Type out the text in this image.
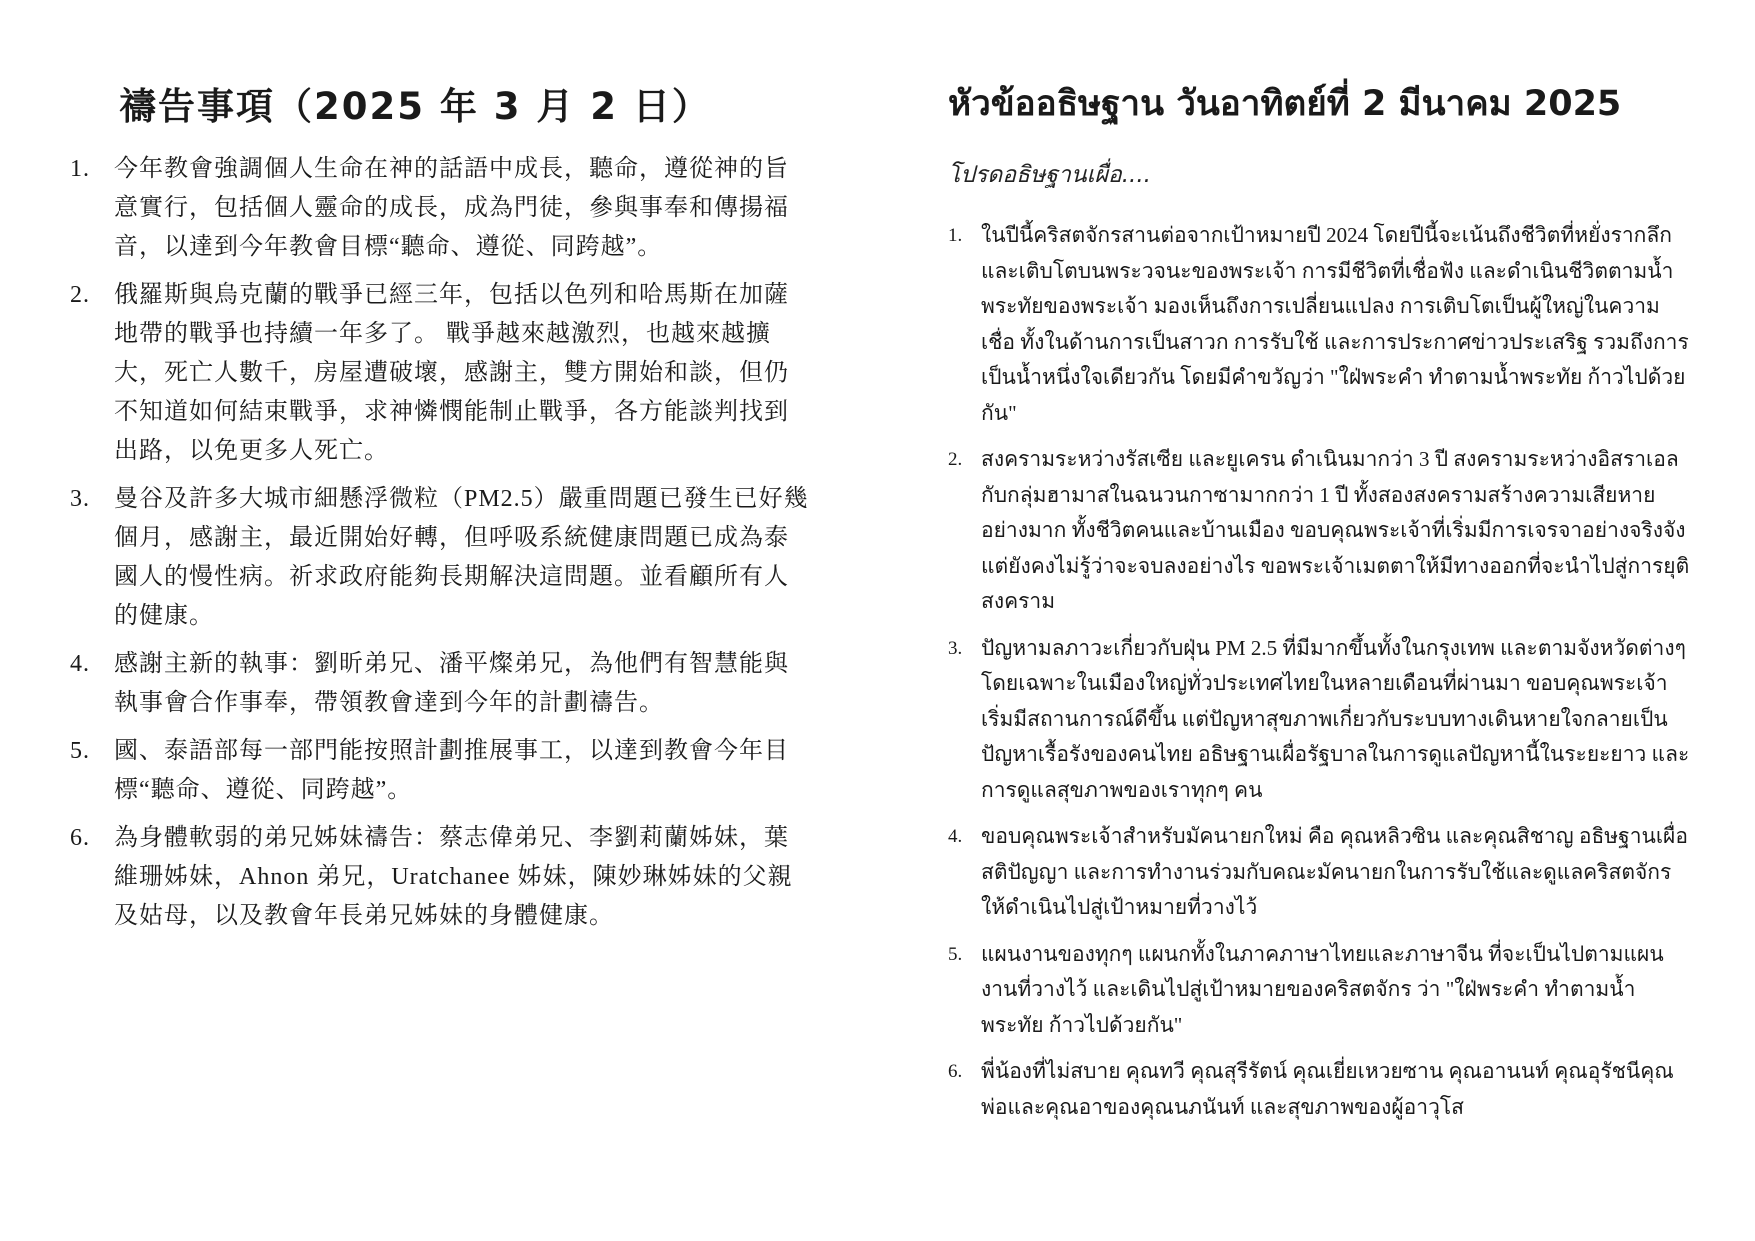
禱告事項（2025 年 3 月 2 日）
1.	今年教會強調個人生命在神的話語中成長，聽命，遵從神的旨意實行，包括個人靈命的成長，成為門徒，參與事奉和傳揚福音，以達到今年教會目標“聽命、遵從、同跨越”。
2.	俄羅斯與烏克蘭的戰爭已經三年，包括以色列和哈馬斯在加薩地帶的戰爭也持續一年多了。 戰爭越來越激烈，也越來越擴大，死亡人數千，房屋遭破壞，感謝主，雙方開始和談，但仍不知道如何結束戰爭，求神憐憫能制止戰爭，各方能談判找到出路，以免更多人死亡。
3.	曼谷及許多大城市細懸浮微粒（PM2.5）嚴重問題已發生已好幾個月，感謝主，最近開始好轉，但呼吸系統健康問題已成為泰國人的慢性病。祈求政府能夠長期解決這問題。並看顧所有人的健康。
4.	感謝主新的執事：劉昕弟兄、潘平燦弟兄，為他們有智慧能與執事會合作事奉，帶領教會達到今年的計劃禱告。
5.	國、泰語部每一部門能按照計劃推展事工，以達到教會今年目標“聽命、遵從、同跨越”。
6.	為身體軟弱的弟兄姊妹禱告：蔡志偉弟兄、李劉莉蘭姊妹，葉維珊姊妹，Ahnon 弟兄，Uratchanee 姊妹，陳妙琳姊妹的父親及姑母，以及教會年長弟兄姊妹的身體健康。
หัวข้ออธิษฐาน วันอาทิตย์ที่ 2 มีนาคม 2025

โปรดอธิษฐานเผื่อ....

1. ในปีนี้คริสตจักรสานต่อจากเป้าหมายปี 2024 โดยปีนี้จะเน้นถึงชีวิตที่หยั่งรากลึก และเติบโตบนพระวจนะของพระเจ้า การมีชีวิตที่เชื่อฟัง และดำเนินชีวิตตามน้ำพระทัยของพระเจ้า มองเห็นถึงการเปลี่ยนแปลง การเติบโตเป็นผู้ใหญ่ในความเชื่อ ทั้งในด้านการเป็นสาวก การรับใช้ และการประกาศข่าวประเสริฐ รวมถึงการเป็นน้ำหนึ่งใจเดียวกัน โดยมีคำขวัญว่า "ใฝ่พระคำ ทำตามน้ำพระทัย ก้าวไปด้วยกัน"
2. สงครามระหว่างรัสเซีย และยูเครน ดำเนินมากว่า 3 ปี สงครามระหว่างอิสราเอลกับกลุ่มฮามาสในฉนวนกาซามากกว่า 1 ปี ทั้งสองสงครามสร้างความเสียหายอย่างมาก ทั้งชีวิตคนและบ้านเมือง ขอบคุณพระเจ้าที่เริ่มมีการเจรจาอย่างจริงจัง แต่ยังคงไม่รู้ว่าจะจบลงอย่างไร ขอพระเจ้าเมตตาให้มีทางออกที่จะนำไปสู่การยุติสงคราม
3. ปัญหามลภาวะเกี่ยวกับฝุ่น PM 2.5 ที่มีมากขึ้นทั้งในกรุงเทพ และตามจังหวัดต่างๆ โดยเฉพาะในเมืองใหญ่ทั่วประเทศไทยในหลายเดือนที่ผ่านมา ขอบคุณพระเจ้าเริ่มมีสถานการณ์ดีขึ้น แต่ปัญหาสุขภาพเกี่ยวกับระบบทางเดินหายใจกลายเป็นปัญหาเรื้อรังของคนไทย อธิษฐานเผื่อรัฐบาลในการดูแลปัญหานี้ในระยะยาว และการดูแลสุขภาพของเราทุกๆ คน
4. ขอบคุณพระเจ้าสำหรับมัคนายกใหม่ คือ คุณหลิวซิน และคุณสิชาญ อธิษฐานเผื่อสติปัญญา และการทำงานร่วมกับคณะมัคนายกในการรับใช้และดูแลคริสตจักรให้ดำเนินไปสู่เป้าหมายที่วางไว้
5. แผนงานของทุกๆ แผนกทั้งในภาคภาษาไทยและภาษาจีน ที่จะเป็นไปตามแผนงานที่วางไว้ และเดินไปสู่เป้าหมายของคริสตจักร ว่า "ใฝ่พระคำ ทำตามน้ำพระทัย ก้าวไปด้วยกัน"
6. พี่น้องที่ไม่สบาย คุณทวี คุณสุรีรัตน์ คุณเยี่ยเหวยซาน คุณอานนท์ คุณอุรัชนีคุณพ่อและคุณอาของคุณนภนันท์ และสุขภาพของผู้อาวุโส
